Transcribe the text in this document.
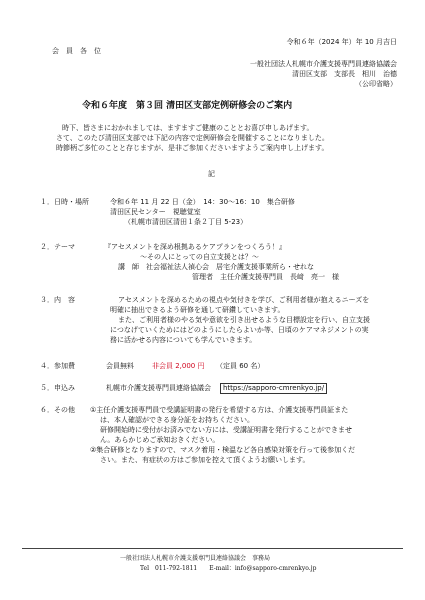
令和６年（2024 年）年 10 月吉日
会　員　各　位
一般社団法人札幌市介護支援専門員連絡協議会
清田区支部　支部長　相川　治德
（公印省略）
令和６年度　第３回 清田区支部定例研修会のご案内
時下、皆さまにおかれましては、ますますご健康のこととお喜び申しあげます。
さて、このたび清田区支部では下記の内容で定例研修会を開催することになりました。
時節柄ご多忙のことと存じますが、是非ご参加くださいますようご案内申し上げます。
記
１．日時・場所	令和６年 11 月 22 日（金）　14：30～16：10　集合研修
清田区民センター　視聴覚室
（札幌市清田区清田１条２丁目 5-23）
２．テーマ	『アセスメントを深め根拠あるケアプランをつくろう！』
～その人にとっての自立支援とは？～
講　師　社会福祉法人禎心会　居宅介護支援事業所ら・せれな
管理者　主任介護支援専門員　長﨑　亮一　様
３．内　容	アセスメントを深めるための視点や気付きを学び、ご利用者様が抱えるニーズを
明確に抽出できるよう研修を通して研鑽していきます。
また、ご利用者様のやる気や意欲を引き出せるような目標設定を行い、自立支援
につなげていくためにはどのようにしたらよいか等、日頃のケアマネジメントの実
務に活かせる内容についても学んでいきます。
４．参加費	会員無料	非会員 2,000 円 （定員 60 名）
５．申込み	札幌市介護支援専門員連絡協議会	https://sapporo-cmrenkyo.jp/
６．その他 ①主任介護支援専門員で受講証明書の発行を希望する方は、介護支援専門員証また
は、本人確認ができる身分証をお持ちください。
研修開始時に受付がお済みでない方には、受講証明書を発行することができませ
ん。あらかじめご承知おきください。
②集合研修となりますので、マスク着用・検温など各自感染対策を行って後参加くだ
さい。また、有症状の方はご参加を控えて頂くようお願いします。
一般社団法人札幌市介護支援専門員連絡協議会　事務局
Tel　011-792-1811　　E-mail：info@sapporo-cmrenkyo.jp
